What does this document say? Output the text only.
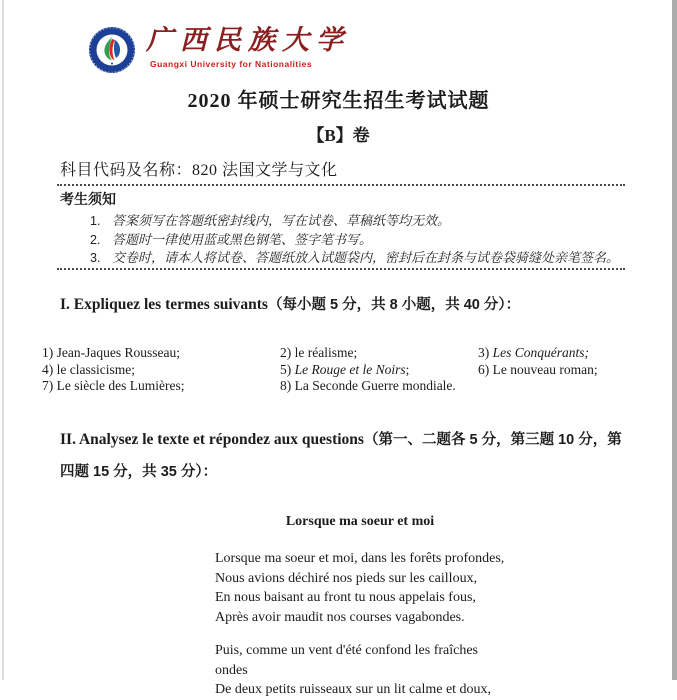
广西民族大学
Guangxi University for Nationalities
2020 年硕士研究生招生考试试题
【B】卷
科目代码及名称：820 法国文学与文化
考生须知
1. 答案须写在答题纸密封线内，写在试卷、草稿纸等均无效。
2. 答题时一律使用蓝或黑色钢笔、签字笔书写。
3. 交卷时，请本人将试卷、答题纸放入试题袋内，密封后在封条与试卷袋骑缝处亲笔签名。
I. Expliquez les termes suivants（每小题 5 分，共 8 小题，共 40 分）：
1) Jean-Jaques Rousseau;	2) le réalisme;	3) Les Conquérants;
4) le classicisme;	5) Le Rouge et le Noirs;	6) Le nouveau roman;
7) Le siècle des Lumières;	8) La Seconde Guerre mondiale.
II. Analysez le texte et répondez aux questions（第一、二题各 5 分，第三题 10 分，第四题 15 分，共 35 分）：
Lorsque ma soeur et moi
Lorsque ma soeur et moi, dans les forêts profondes,
Nous avions déchiré nos pieds sur les cailloux,
En nous baisant au front tu nous appelais fous,
Après avoir maudit nos courses vagabondes.
Puis, comme un vent d'été confond les fraîches ondes
De deux petits ruisseaux sur un lit calme et doux,
